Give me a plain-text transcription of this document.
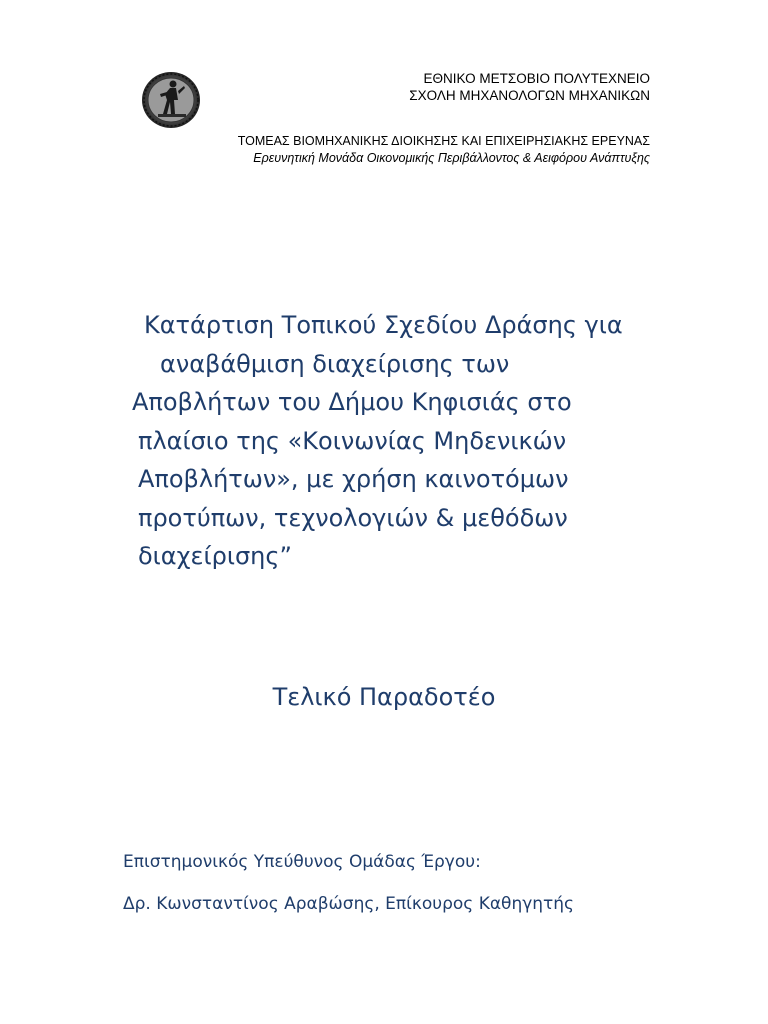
ΕΘΝΙΚΟ ΜΕΤΣΟΒΙΟ ΠΟΛΥΤΕΧΝΕΙΟ
ΣΧΟΛΗ ΜΗΧΑΝΟΛΟΓΩΝ ΜΗΧΑΝΙΚΩΝ
ΤΟΜΕΑΣ ΒΙΟΜΗΧΑΝΙΚΗΣ ΔΙΟΙΚΗΣΗΣ ΚΑΙ ΕΠΙΧΕΙΡΗΣΙΑΚΗΣ ΕΡΕΥΝΑΣ
Ερευνητική Μονάδα Οικονομικής Περιβάλλοντος & Αειφόρου Ανάπτυξης
Κατάρτιση Τοπικού Σχεδίου Δράσης για
αναβάθμιση διαχείρισης των
Αποβλήτων του Δήμου Κηφισιάς στο
πλαίσιο της «Κοινωνίας Μηδενικών
Αποβλήτων», με χρήση καινοτόμων
προτύπων, τεχνολογιών & μεθόδων
διαχείρισης”
Τελικό Παραδοτέο
Επιστημονικός Υπεύθυνος Ομάδας Έργου:
Δρ. Κωνσταντίνος Αραβώσης, Επίκουρος Καθηγητής
